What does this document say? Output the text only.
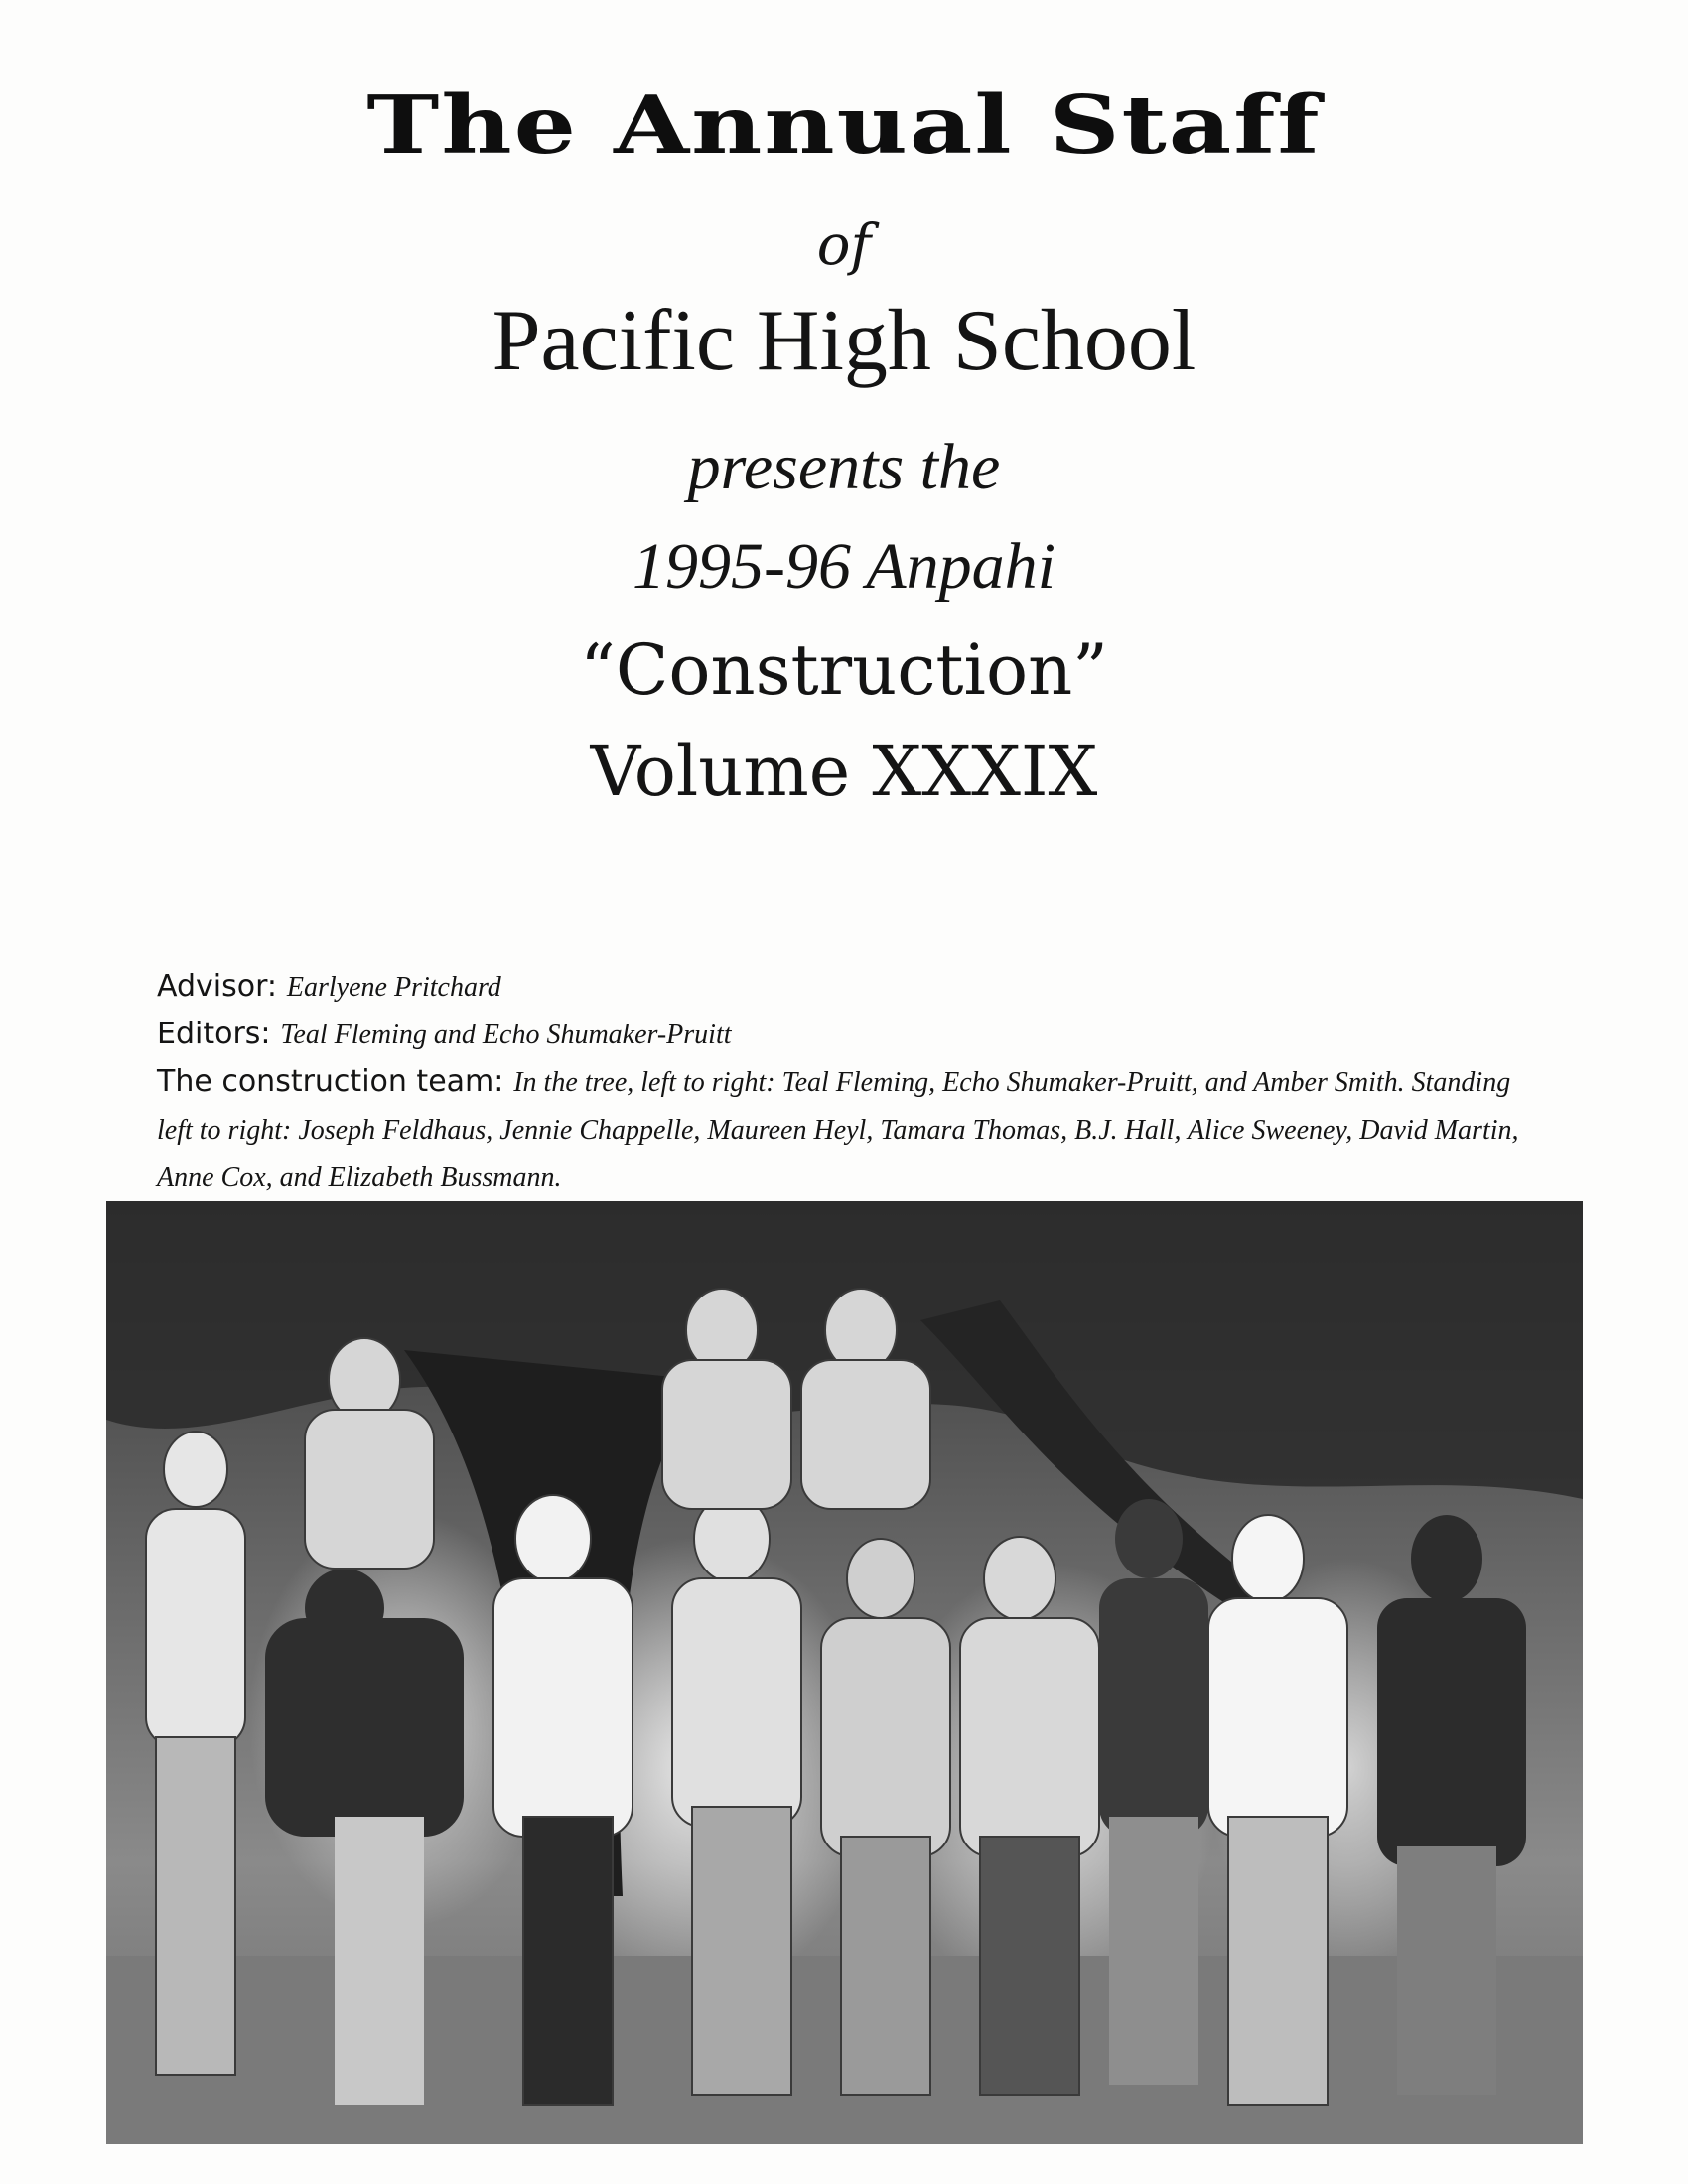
The Annual Staff
of
Pacific High School
presents the
1995-96 Anpahi
“Construction”
Volume XXXIX
Advisor: Earlyene Pritchard
Editors: Teal Fleming and Echo Shumaker-Pruitt
The construction team: In the tree, left to right: Teal Fleming, Echo Shumaker-Pruitt, and Amber Smith. Standing left to right: Joseph Feldhaus, Jennie Chappelle, Maureen Heyl, Tamara Thomas, B.J. Hall, Alice Sweeney, David Martin, Anne Cox, and Elizabeth Bussmann.
